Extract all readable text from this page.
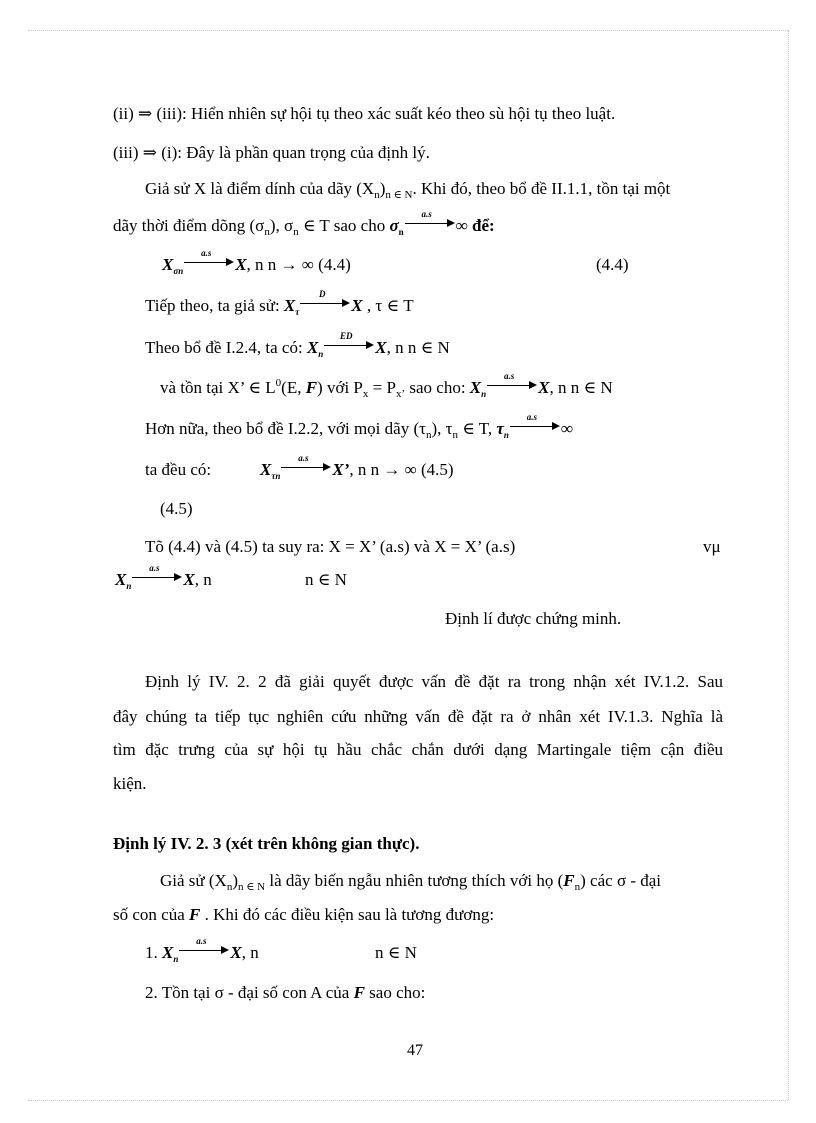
(ii) ⇒ (iii): Hiển nhiên sự hội tụ theo xác suất kéo theo sù hội tụ theo luật.
(iii) ⇒ (i): Đây là phần quan trọng của định lý.
Giả sử X là điểm dính của dãy $(X_n)_{n \in N}$. Khi đó, theo bổ đề II.1.1, tồn tại một
dãy thời điểm dõng $(\sigma_n)$, $\sigma_n$ ∈ T sao cho σn
a.s
∞ để:
Xσn
a.s
X, n n → ∞ (4.4)	(4.4)
Tiếp theo, ta giả sử: Xτ
D
X , τ ∈ T
Theo bổ đề I.2.4, ta có: Xn
ED
X, n n ∈ N
và tồn tại X’ ∈ $L^0(E$, F) với $P_x = P_{x’}$ sao cho: Xn
a.s
X, n n ∈ N
Hơn nữa, theo bổ đề I.2.2, với mọi dãy $(\tau_n)$, $\tau_n$ ∈ T, τn
a.s
∞
ta đều có:	Xτn
a.s
X’, n n → ∞ (4.5)
(4.5)
Tõ (4.4) và (4.5) ta suy ra: X = X’ (a.s) và X = X’ (a.s)	vμ
Xn
a.s
X, n	n ∈ N
Định lí được chứng minh.
Định lý IV. 2. 2 đã giải quyết được vấn đề đặt ra trong nhận xét IV.1.2. Sau
đây chúng ta tiếp tục nghiên cứu những vấn đề đặt ra ở nhân xét IV.1.3. Nghĩa là
tìm đặc trưng của sự hội tụ hầu chắc chắn dưới dạng Martingale tiệm cận điều
kiện.
Định lý IV. 2. 3 (xét trên không gian thực).
Giả sử $(X_n)_{n \in N}$ là dãy biến ngẫu nhiên tương thích với họ $(F_n)$ các σ - đại
số con của F . Khi đó các điều kiện sau là tương đương:
1. Xn
a.s
X, n	n ∈ N
2. Tồn tại σ - đại số con A của F sao cho:
47
